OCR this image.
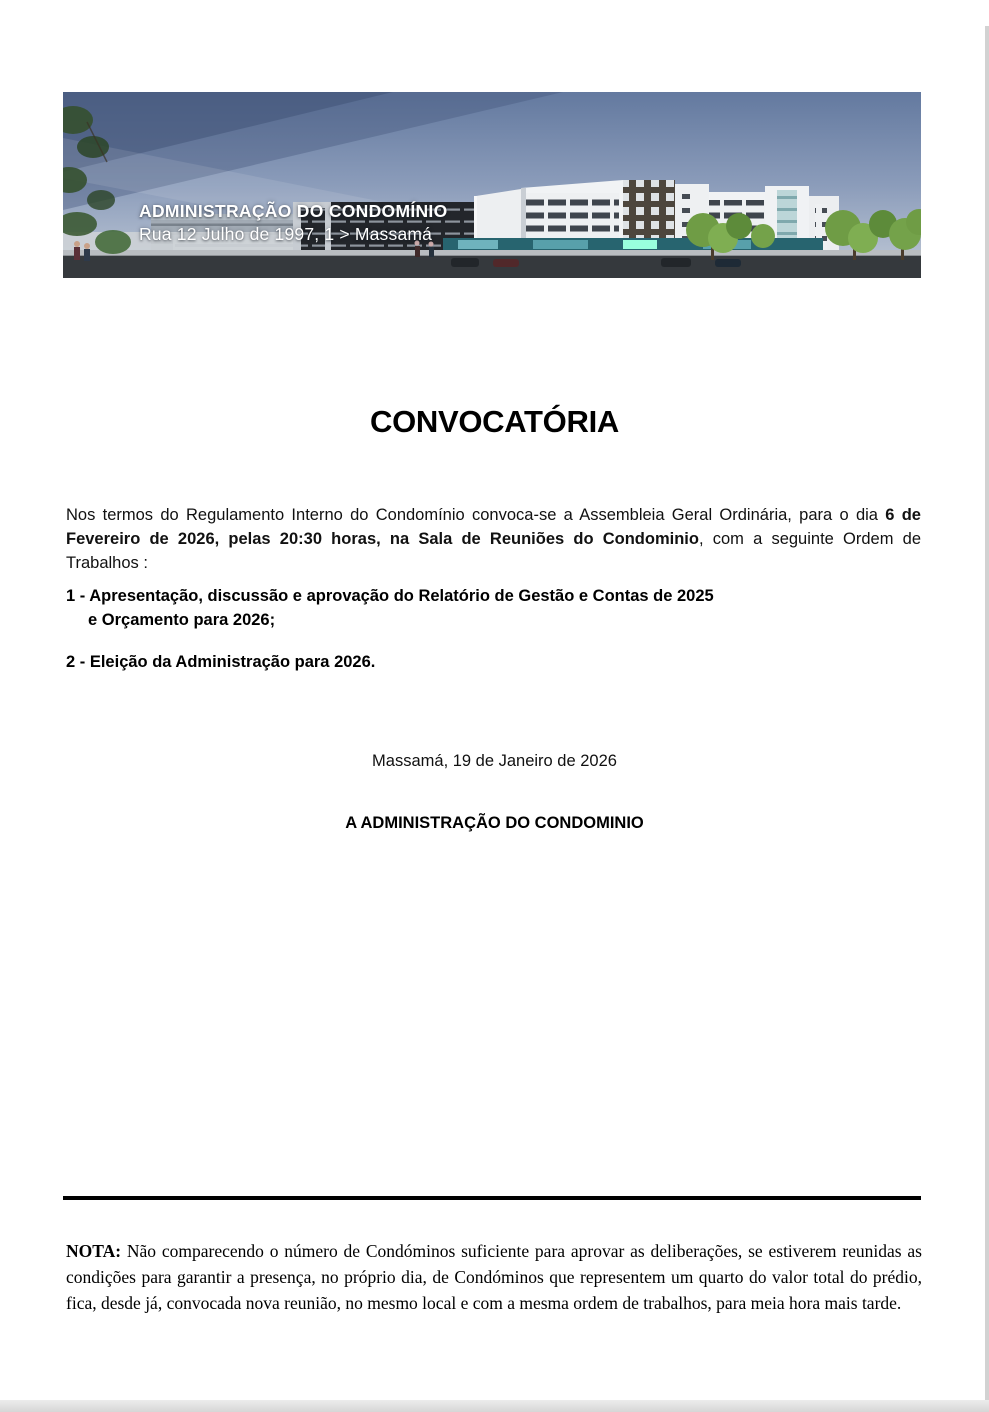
ADMINISTRAÇÃO DO CONDOMÍNIO
Rua 12 Julho de 1997, 1 > Massamá
CONVOCATÓRIA

Nos termos do Regulamento Interno do Condomínio convoca-se a Assembleia Geral Ordinária, para o dia 6 de Fevereiro de 2026, pelas 20:30 horas, na Sala de Reuniões do Condominio, com a seguinte Ordem de Trabalhos :

1 - Apresentação, discussão e aprovação do Relatório de Gestão e Contas de 2025
e Orçamento para 2026;
2 - Eleição da Administração para 2026.
Massamá, 19 de Janeiro de 2026
A ADMINISTRAÇÃO DO CONDOMINIO

NOTA: Não comparecendo o número de Condóminos suficiente para aprovar as deliberações, se estiverem reunidas as condições para garantir a presença, no próprio dia, de Condóminos que representem um quarto do valor total do prédio, fica, desde já, convocada nova reunião, no mesmo local e com a mesma ordem de trabalhos, para meia hora mais tarde.
